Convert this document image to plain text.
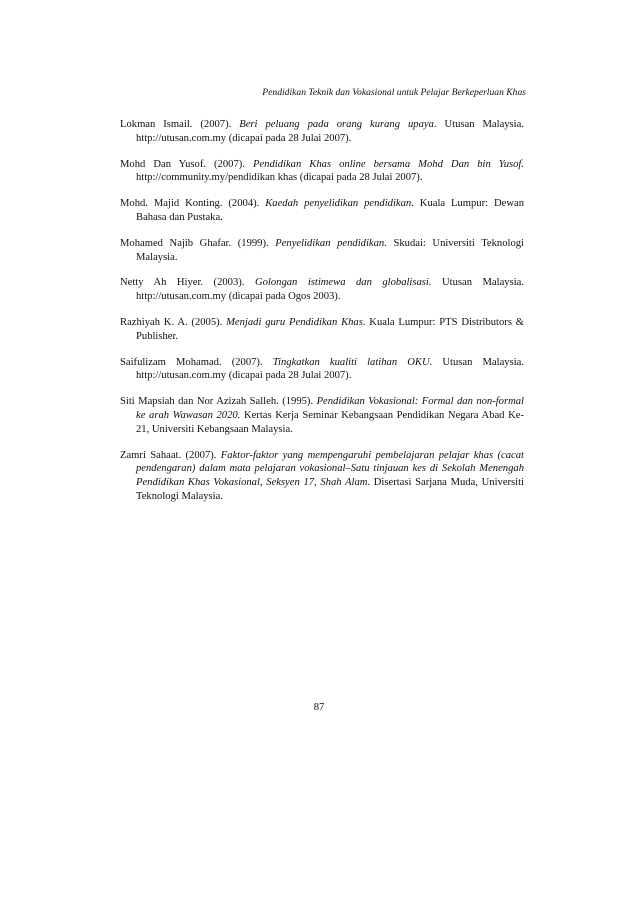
Pendidikan Teknik dan Vokasional untuk Pelajar Berkeperluan Khas
Lokman Ismail. (2007). Beri peluang pada orang kurang upaya. Utusan Malaysia. http://utusan.com.my (dicapai pada 28 Julai 2007).
Mohd Dan Yusof. (2007). Pendidikan Khas online bersama Mohd Dan bin Yusof. http://community.my/pendidikan khas (dicapai pada 28 Julai 2007).
Mohd. Majid Konting. (2004). Kaedah penyelidikan pendidikan. Kuala Lumpur: Dewan Bahasa dan Pustaka.
Mohamed Najib Ghafar. (1999). Penyelidikan pendidikan. Skudai: Universiti Teknologi Malaysia.
Netty Ah Hiyer. (2003). Golongan istimewa dan globalisasi. Utusan Malaysia. http://utusan.com.my (dicapai pada Ogos 2003).
Razhiyah K. A. (2005). Menjadi guru Pendidikan Khas. Kuala Lumpur: PTS Distributors & Publisher.
Saifulizam Mohamad. (2007). Tingkatkan kualiti latihan OKU. Utusan Malaysia. http://utusan.com.my (dicapai pada 28 Julai 2007).
Siti Mapsiah dan Nor Azizah Salleh. (1995). Pendidikan Vokasional: Formal dan non-formal ke arah Wawasan 2020. Kertas Kerja Seminar Kebangsaan Pendidikan Negara Abad Ke-21, Universiti Kebangsaan Malaysia.
Zamri Sahaat. (2007). Faktor-faktor yang mempengaruhi pembelajaran pelajar khas (cacat pendengaran) dalam mata pelajaran vokasional–Satu tinjauan kes di Sekolah Menengah Pendidikan Khas Vokasional, Seksyen 17, Shah Alam. Disertasi Sarjana Muda, Universiti Teknologi Malaysia.
87
